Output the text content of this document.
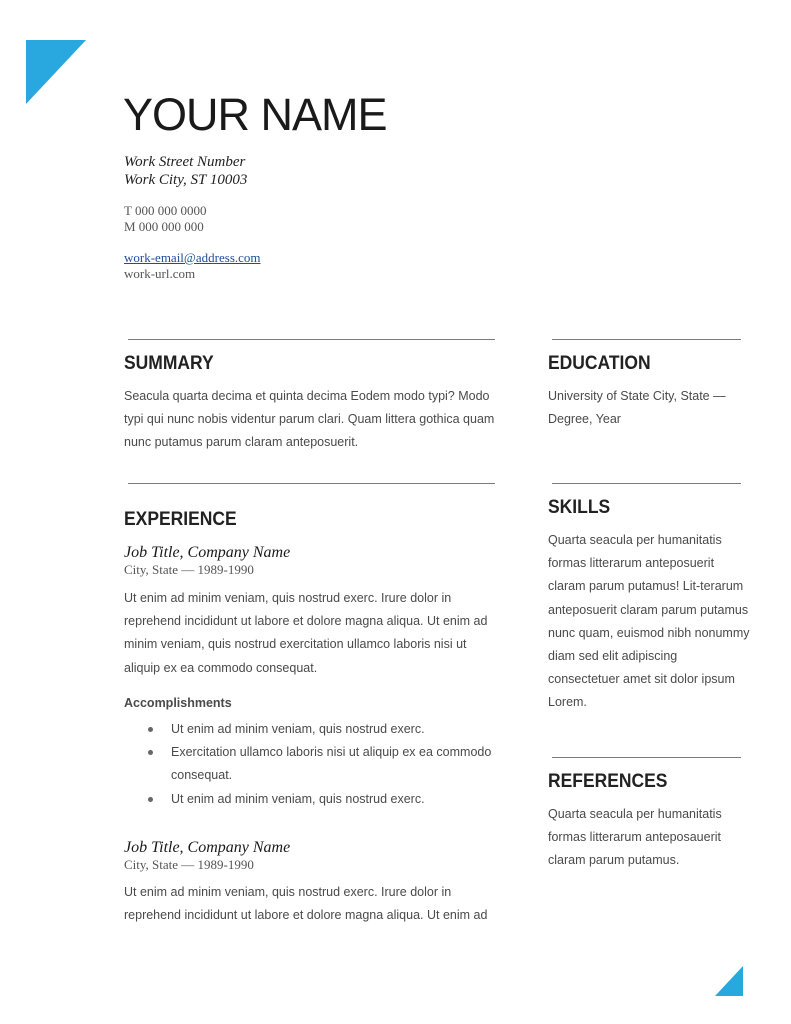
YOUR NAME
Work Street Number
Work City, ST 10003
T 000 000 0000
M 000 000 000
work-email@address.com
work-url.com
SUMMARY
Seacula quarta decima et quinta decima Eodem modo typi? Modo typi qui nunc nobis videntur parum clari. Quam littera gothica quam nunc putamus parum claram anteposuerit.
EXPERIENCE
Job Title, Company Name
City, State — 1989-1990
Ut enim ad minim veniam, quis nostrud exerc. Irure dolor in reprehend incididunt ut labore et dolore magna aliqua. Ut enim ad minim veniam, quis nostrud exercitation ullamco laboris nisi ut aliquip ex ea commodo consequat.
Accomplishments
Ut enim ad minim veniam, quis nostrud exerc.
Exercitation ullamco laboris nisi ut aliquip ex ea commodo consequat.
Ut enim ad minim veniam, quis nostrud exerc.
Job Title, Company Name
City, State — 1989-1990
Ut enim ad minim veniam, quis nostrud exerc. Irure dolor in reprehend incididunt ut labore et dolore magna aliqua. Ut enim ad
EDUCATION
University of State City, State — Degree, Year
SKILLS
Quarta seacula per humanitatis formas litterarum anteposuerit claram parum putamus! Lit-terarum anteposuerit claram parum putamus nunc quam, euismod nibh nonummy diam sed elit adipiscing consectetuer amet sit dolor ipsum Lorem.
REFERENCES
Quarta seacula per humanitatis formas litterarum anteposauerit claram parum putamus.
